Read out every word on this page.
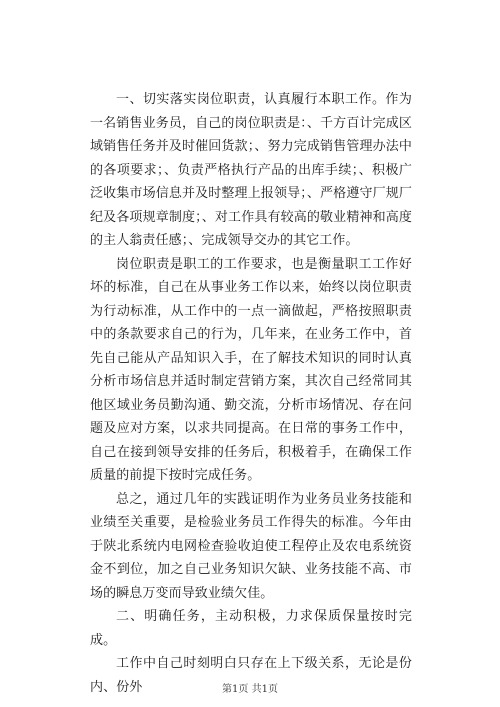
一、切实落实岗位职责，认真履行本职工作。作为一名销售业务员，自己的岗位职责是：、千方百计完成区域销售任务并及时催回货款；、努力完成销售管理办法中的各项要求；、负责严格执行产品的出库手续；、积极广泛收集市场信息并及时整理上报领导；、严格遵守厂规厂纪及各项规章制度；、对工作具有较高的敬业精神和高度的主人翁责任感；、完成领导交办的其它工作。

岗位职责是职工的工作要求，也是衡量职工工作好坏的标准，自己在从事业务工作以来，始终以岗位职责为行动标准，从工作中的一点一滴做起，严格按照职责中的条款要求自己的行为，几年来，在业务工作中，首先自己能从产品知识入手，在了解技术知识的同时认真分析市场信息并适时制定营销方案，其次自己经常同其他区域业务员勤沟通、勤交流，分析市场情况、存在问题及应对方案，以求共同提高。在日常的事务工作中，自己在接到领导安排的任务后，积极着手，在确保工作质量的前提下按时完成任务。

总之，通过几年的实践证明作为业务员业务技能和业绩至关重要，是检验业务员工作得失的标准。今年由于陕北系统内电网检查验收迫使工程停止及农电系统资金不到位，加之自己业务知识欠缺、业务技能不高、市场的瞬息万变而导致业绩欠佳。

二、明确任务，主动积极，力求保质保量按时完成。

工作中自己时刻明白只存在上下级关系，无论是份内、份外	第1页 共1页
